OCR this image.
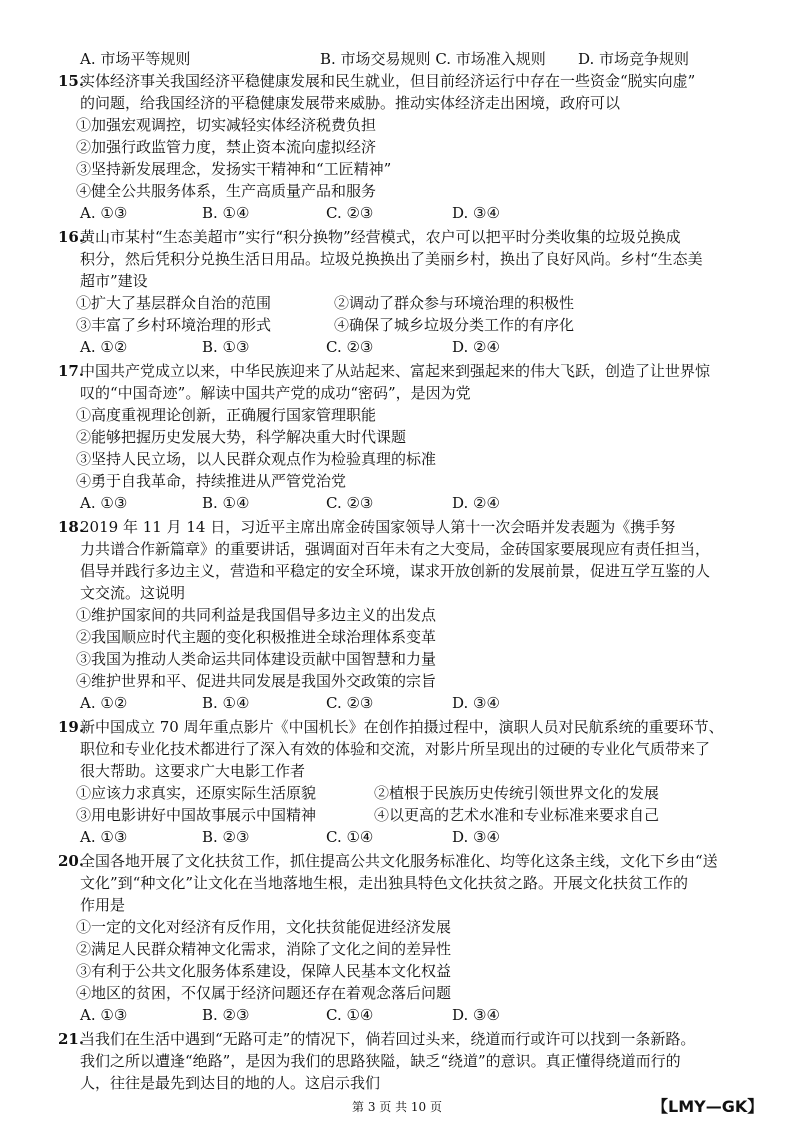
A. 市场平等规则	B. 市场交易规则 C. 市场准入规则 D. 市场竞争规则
15.
实体经济事关我国经济平稳健康发展和民生就业，但目前经济运行中存在一些资金“脱实向虚”
的问题，给我国经济的平稳健康发展带来威胁。推动实体经济走出困境，政府可以
①加强宏观调控，切实减轻实体经济税费负担
②加强行政监管力度，禁止资本流向虚拟经济
③坚持新发展理念，发扬实干精神和“工匠精神”
④健全公共服务体系，生产高质量产品和服务
A. ①③	B. ①④	C. ②③	D. ③④
16.
黄山市某村“生态美超市”实行“积分换物”经营模式，农户可以把平时分类收集的垃圾兑换成
积分，然后凭积分兑换生活日用品。垃圾兑换换出了美丽乡村，换出了良好风尚。乡村“生态美
超市”建设
①扩大了基层群众自治的范围	②调动了群众参与环境治理的积极性
③丰富了乡村环境治理的形式	④确保了城乡垃圾分类工作的有序化
A. ①②	B. ①③	C. ②③	D. ②④
17.
中国共产党成立以来，中华民族迎来了从站起来、富起来到强起来的伟大飞跃，创造了让世界惊
叹的“中国奇迹”。解读中国共产党的成功“密码”，是因为党
①高度重视理论创新，正确履行国家管理职能
②能够把握历史发展大势，科学解决重大时代课题
③坚持人民立场，以人民群众观点作为检验真理的标准
④勇于自我革命，持续推进从严管党治党
A. ①③	B. ①④	C. ②③	D. ②④
18.
2019 年 11 月 14 日，习近平主席出席金砖国家领导人第十一次会晤并发表题为《携手努
力共谱合作新篇章》的重要讲话，强调面对百年未有之大变局，金砖国家要展现应有责任担当，
倡导并践行多边主义，营造和平稳定的安全环境，谋求开放创新的发展前景，促进互学互鉴的人
文交流。这说明
①维护国家间的共同利益是我国倡导多边主义的出发点
②我国顺应时代主题的变化积极推进全球治理体系变革
③我国为推动人类命运共同体建设贡献中国智慧和力量
④维护世界和平、促进共同发展是我国外交政策的宗旨
A. ①②	B. ①④	C. ②③	D. ③④
19.
新中国成立 70 周年重点影片《中国机长》在创作拍摄过程中，演职人员对民航系统的重要环节、
职位和专业化技术都进行了深入有效的体验和交流，对影片所呈现出的过硬的专业化气质带来了
很大帮助。这要求广大电影工作者
①应该力求真实，还原实际生活原貌	②植根于民族历史传统引领世界文化的发展
③用电影讲好中国故事展示中国精神	④以更高的艺术水准和专业标准来要求自己
A. ①③	B. ②③	C. ①④	D. ③④
20.
全国各地开展了文化扶贫工作，抓住提高公共文化服务标准化、均等化这条主线，文化下乡由“送
文化”到“种文化”让文化在当地落地生根，走出独具特色文化扶贫之路。开展文化扶贫工作的
作用是
①一定的文化对经济有反作用，文化扶贫能促进经济发展
②满足人民群众精神文化需求，消除了文化之间的差异性
③有利于公共文化服务体系建设，保障人民基本文化权益
④地区的贫困，不仅属于经济问题还存在着观念落后问题
A. ①③	B. ②③	C. ①④	D. ③④
21.
当我们在生活中遇到“无路可走”的情况下，倘若回过头来，绕道而行或许可以找到一条新路。
我们之所以遭逢“绝路”，是因为我们的思路狭隘，缺乏“绕道”的意识。真正懂得绕道而行的
人，往往是最先到达目的地的人。这启示我们
第 3 页 共 10 页	【LMY—GK】
